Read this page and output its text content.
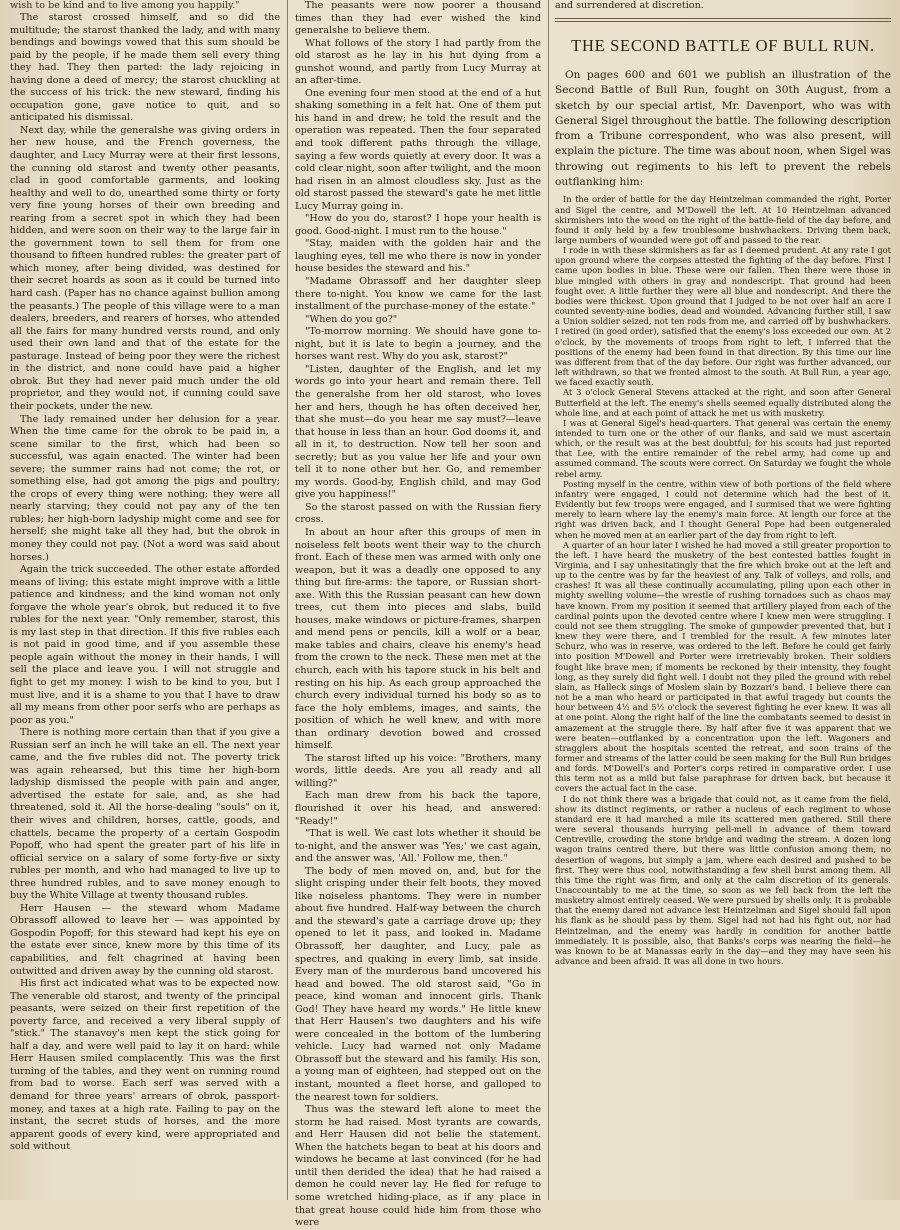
wish to be kind and to live among you happily."

The starost crossed himself, and so did the multitude; the starost thanked the lady, and with many bendings and bowings vowed that this sum should be paid by the people, if he made them sell every thing they had. They then parted: the lady rejoicing in having done a deed of mercy; the starost chuckling at the success of his trick: the new steward, finding his occupation gone, gave notice to quit, and so anticipated his dismissal.

Next day, while the generalshe was giving orders in her new house, and the French governess, the daughter, and Lucy Murray were at their first lessons, the cunning old starost and twenty other peasants, clad in good comfortable garments, and looking healthy and well to do, unearthed some thirty or forty very fine young horses of their own breeding and rearing from a secret spot in which they had been hidden, and were soon on their way to the large fair in the government town to sell them for from one thousand to fifteen hundred rubles: the greater part of which money, after being divided, was destined for their secret hoards as soon as it could be turned into hard cash. (Paper has no chance against bullion among the peasants.) The people of this village were to a man dealers, breeders, and rearers of horses, who attended all the fairs for many hundred versts round, and only used their own land and that of the estate for the pasturage. Instead of being poor they were the richest in the district, and none could have paid a higher obrok. But they had never paid much under the old proprietor, and they would not, if cunning could save their pockets, under the new.

The lady remained under her delusion for a year. When the time came for the obrok to be paid in, a scene similar to the first, which had been so successful, was again enacted. The winter had been severe; the summer rains had not come; the rot, or something else, had got among the pigs and poultry; the crops of every thing were nothing; they were all nearly starving; they could not pay any of the ten rubles; her high-born ladyship might come and see for herself; she might take all they had, but the obrok in money they could not pay. (Not a word was said about horses.)

Again the trick succeeded. The other estate afforded means of living; this estate might improve with a little patience and kindness; and the kind woman not only forgave the whole year's obrok, but reduced it to five rubles for the next year. "Only remember, starost, this is my last step in that direction. If this five rubles each is not paid in good time, and if you assemble these people again without the money in their hands, I will sell the place and leave you. I will not struggle and fight to get my money. I wish to be kind to you, but I must live, and it is a shame to you that I have to draw all my means from other poor serfs who are perhaps as poor as you."

There is nothing more certain than that if you give a Russian serf an inch he will take an ell. The next year came, and the five rubles did not. The poverty trick was again rehearsed, but this time her high-born ladyship dismissed the people with pain and anger, advertised the estate for sale, and, as she had threatened, sold it. All the horse-dealing "souls" on it, their wives and children, horses, cattle, goods, and chattels, became the property of a certain Gospodin Popoff, who had spent the greater part of his life in official service on a salary of some forty-five or sixty rubles per month, and who had managed to live up to three hundred rubles, and to save money enough to buy the White Village at twenty thousand rubles.

Herr Hausen — the steward whom Madame Obrassoff allowed to leave her — was appointed by Gospodin Popoff; for this steward had kept his eye on the estate ever since, knew more by this time of its capabilities, and felt chagrined at having been outwitted and driven away by the cunning old starost.

His first act indicated what was to be expected now. The venerable old starost, and twenty of the principal peasants, were seized on their first repetition of the poverty farce, and received a very liberal supply of "stick." The stanavoy's men kept the stick going for half a day, and were well paid to lay it on hard: while Herr Hausen smiled complacently. This was the first turning of the tables, and they went on running round from bad to worse. Each serf was served with a demand for three years' arrears of obrok, passport-money, and taxes at a high rate. Failing to pay on the instant, the secret studs of horses, and the more apparent goods of every kind, were appropriated and sold without

The peasants were now poorer a thousand times than they had ever wished the kind generalshe to believe them.

What follows of the story I had partly from the old starost as he lay in his hut dying from a gunshot wound, and partly from Lucy Murray at an after-time.

One evening four men stood at the end of a hut shaking something in a felt hat. One of them put his hand in and drew; he told the result and the operation was repeated. Then the four separated and took different paths through the village, saying a few words quietly at every door. It was a cold clear night, soon after twilight, and the moon had risen in an almost cloudless sky. Just as the old starost passed the steward's gate he met little Lucy Murray going in.

"How do you do, starost? I hope your health is good. Good-night. I must run to the house."

"Stay, maiden with the golden hair and the laughing eyes, tell me who there is now in yonder house besides the steward and his."

"Madame Obrassoff and her daughter sleep there to-night. You know we came for the last installment of the purchase-money of the estate."

"When do you go?"

"To-morrow morning. We should have gone to-night, but it is late to begin a journey, and the horses want rest. Why do you ask, starost?"

"Listen, daughter of the English, and let my words go into your heart and remain there. Tell the generalshe from her old starost, who loves her and hers, though he has often deceived her, that she must—do you hear me say must?—leave that house in less than an hour. God dooms it, and all in it, to destruction. Now tell her soon and secretly; but as you value her life and your own tell it to none other but her. Go, and remember my words. Good-by, English child, and may God give you happiness!"

So the starost passed on with the Russian fiery cross.

In about an hour after this groups of men in noiseless felt boots went their way to the church front. Each of these men was armed with only one weapon, but it was a deadly one opposed to any thing but fire-arms: the tapore, or Russian short-axe. With this the Russian peasant can hew down trees, cut them into pieces and slabs, build houses, make windows or picture-frames, sharpen and mend pens or pencils, kill a wolf or a bear, make tables and chairs, cleave his enemy's head from the crown to the neck. These men met at the church, each with his tapore stuck in his belt and resting on his hip. As each group approached the church every individual turned his body so as to face the holy emblems, images, and saints, the position of which he well knew, and with more than ordinary devotion bowed and crossed himself.

The starost lifted up his voice: "Brothers, many words, little deeds. Are you all ready and all willing?"

Each man drew from his back the tapore, flourished it over his head, and answered: "Ready!"

"That is well. We cast lots whether it should be to-night, and the answer was 'Yes;' we cast again, and the answer was, 'All.' Follow me, then."

The body of men moved on, and, but for the slight crisping under their felt boots, they moved like noiseless phantoms. They were in number about five hundred. Half-way between the church and the steward's gate a carriage drove up; they opened to let it pass, and looked in. Madame Obrassoff, her daughter, and Lucy, pale as spectres, and quaking in every limb, sat inside. Every man of the murderous band uncovered his head and bowed. The old starost said, "Go in peace, kind woman and innocent girls. Thank God! They have heard my words." He little knew that Herr Hausen's two daughters and his wife were concealed in the bottom of the lumbering vehicle. Lucy had warned not only Madame Obrassoff but the steward and his family. His son, a young man of eighteen, had stepped out on the instant, mounted a fleet horse, and galloped to the nearest town for soldiers.

Thus was the steward left alone to meet the storm he had raised. Most tyrants are cowards, and Herr Hausen did not belie the statement. When the hatchets began to beat at his doors and windows he became at last convinced (for he had until then derided the idea) that he had raised a demon he could never lay. He fled for refuge to some wretched hiding-place, as if any place in that great house could hide him from those who were

and surrendered at discretion.
THE SECOND BATTLE OF BULL RUN.

On pages 600 and 601 we publish an illustration of the Second Battle of Bull Run, fought on 30th August, from a sketch by our special artist, Mr. Davenport, who was with General Sigel throughout the battle. The following description from a Tribune correspondent, who was also present, will explain the picture. The time was about noon, when Sigel was throwing out regiments to his left to prevent the rebels outflanking him:

In the order of battle for the day Heintzelman commanded the right, Porter and Sigel the centre, and M'Dowell the left. At 10 Heintzelman advanced skirmishers into the wood on the right of the battle-field of the day before, and found it only held by a few troublesome bushwhackers. Driving them back, large numbers of wounded were got off and passed to the rear.

I rode in with these skirmishers as far as I deemed prudent. At any rate I got upon ground where the corpses attested the fighting of the day before. First I came upon bodies in blue. These were our fallen. Then there were those in blue mingled with others in gray and nondescript. That ground had been fought over. A little further they were all blue and nondescript. And there the bodies were thickest. Upon ground that I judged to be not over half an acre I counted seventy-nine bodies, dead and wounded. Advancing further still, I saw a Union soldier seized, not ten rods from me, and carried off by bushwhackers. I retired (in good order), satisfied that the enemy's loss exceeded our own. At 2 o'clock, by the movements of troops from right to left, I inferred that the positions of the enemy had been found in that direction. By this time our line was different from that of the day before. Our right was further advanced, our left withdrawn, so that we fronted almost to the south. At Bull Run, a year ago, we faced exactly south.

At 3 o'clock General Stevens attacked at the right, and soon after General Butterfield at the left. The enemy's shells seemed equally distributed along the whole line, and at each point of attack he met us with musketry.

I was at General Sigel's head-quarters. That general was certain the enemy intended to turn one or the other of our flanks, and said we must ascertain which, or the result was at the best doubtful; for his scouts had just reported that Lee, with the entire remainder of the rebel army, had come up and assumed command. The scouts were correct. On Saturday we fought the whole rebel army.

Posting myself in the centre, within view of both portions of the field where infantry were engaged, I could not determine which had the best of it. Evidently but few troops were engaged, and I surmised that we were fighting merely to learn where lay the enemy's main force. At length our force at the right was driven back, and I thought General Pope had been outgeneraled when he moved men at an earlier part of the day from right to left.

A quarter of an hour later I wished he had moved a still greater proportion to the left. I have heard the musketry of the best contested battles fought in Virginia, and I say unhesitatingly that the fire which broke out at the left and up to the centre was by far the heaviest of any. Talk of volleys, and rolls, and crashes! It was all these continually accumulating, piling upon each other in mighty swelling volume—the wrestle of rushing tornadoes such as chaos may have known. From my position it seemed that artillery played from each of the cardinal points upon the devoted centre where I knew men were struggling. I could not see them struggling. The smoke of gunpowder prevented that, but I knew they were there, and I trembled for the result. A few minutes later Schurz, who was in reserve, was ordered to the left. Before he could get fairly into position M'Dowell and Porter were irretrievably broken. Their soldiers fought like brave men; if moments be reckoned by their intensity, they fought long, as they surely did fight well. I doubt not they piled the ground with rebel slain, as Halleck sings of Moslem slain by Bozzari's band. I believe there can not be a man who heard or participated in that awful tragedy but counts the hour between 4½ and 5½ o'clock the severest fighting he ever knew. It was all at one point. Along the right half of the line the combatants seemed to desist in amazement at the struggle there. By half after five it was apparent that we were beaten—outflanked by a concentration upon the left. Wagoners and stragglers about the hospitals scented the retreat, and soon trains of the former and streams of the latter could be seen making for the Bull Run bridges and fords. M'Dowell's and Porter's corps retired in comparative order. I use this term not as a mild but false paraphrase for driven back, but because it covers the actual fact in the case.

I do not think there was a brigade that could not, as it came from the field, show its distinct regiments, or rather a nucleus of each regiment to whose standard ere it had marched a mile its scattered men gathered. Still there were several thousands hurrying pell-mell in advance of them toward Centreville, crowding the stone bridge and wading the stream. A dozen long wagon trains centred there, but there was little confusion among them, no desertion of wagons, but simply a jam, where each desired and pushed to be first. They were thus cool, notwithstanding a few shell burst among them. All this time the right was firm, and only at the calm discretion of its generals. Unaccountably to me at the time, so soon as we fell back from the left the musketry almost entirely ceased. We were pursued by shells only. It is probable that the enemy dared not advance lest Heintzelman and Sigel should fall upon his flank as he should pass by them. Sigel had not had his fight out, nor had Heintzelman, and the enemy was hardly in condition for another battle immediately. It is possible, also, that Banks's corps was nearing the field—he was known to be at Manassas early in the day—and they may have seen his advance and been afraid. It was all done in two hours.
